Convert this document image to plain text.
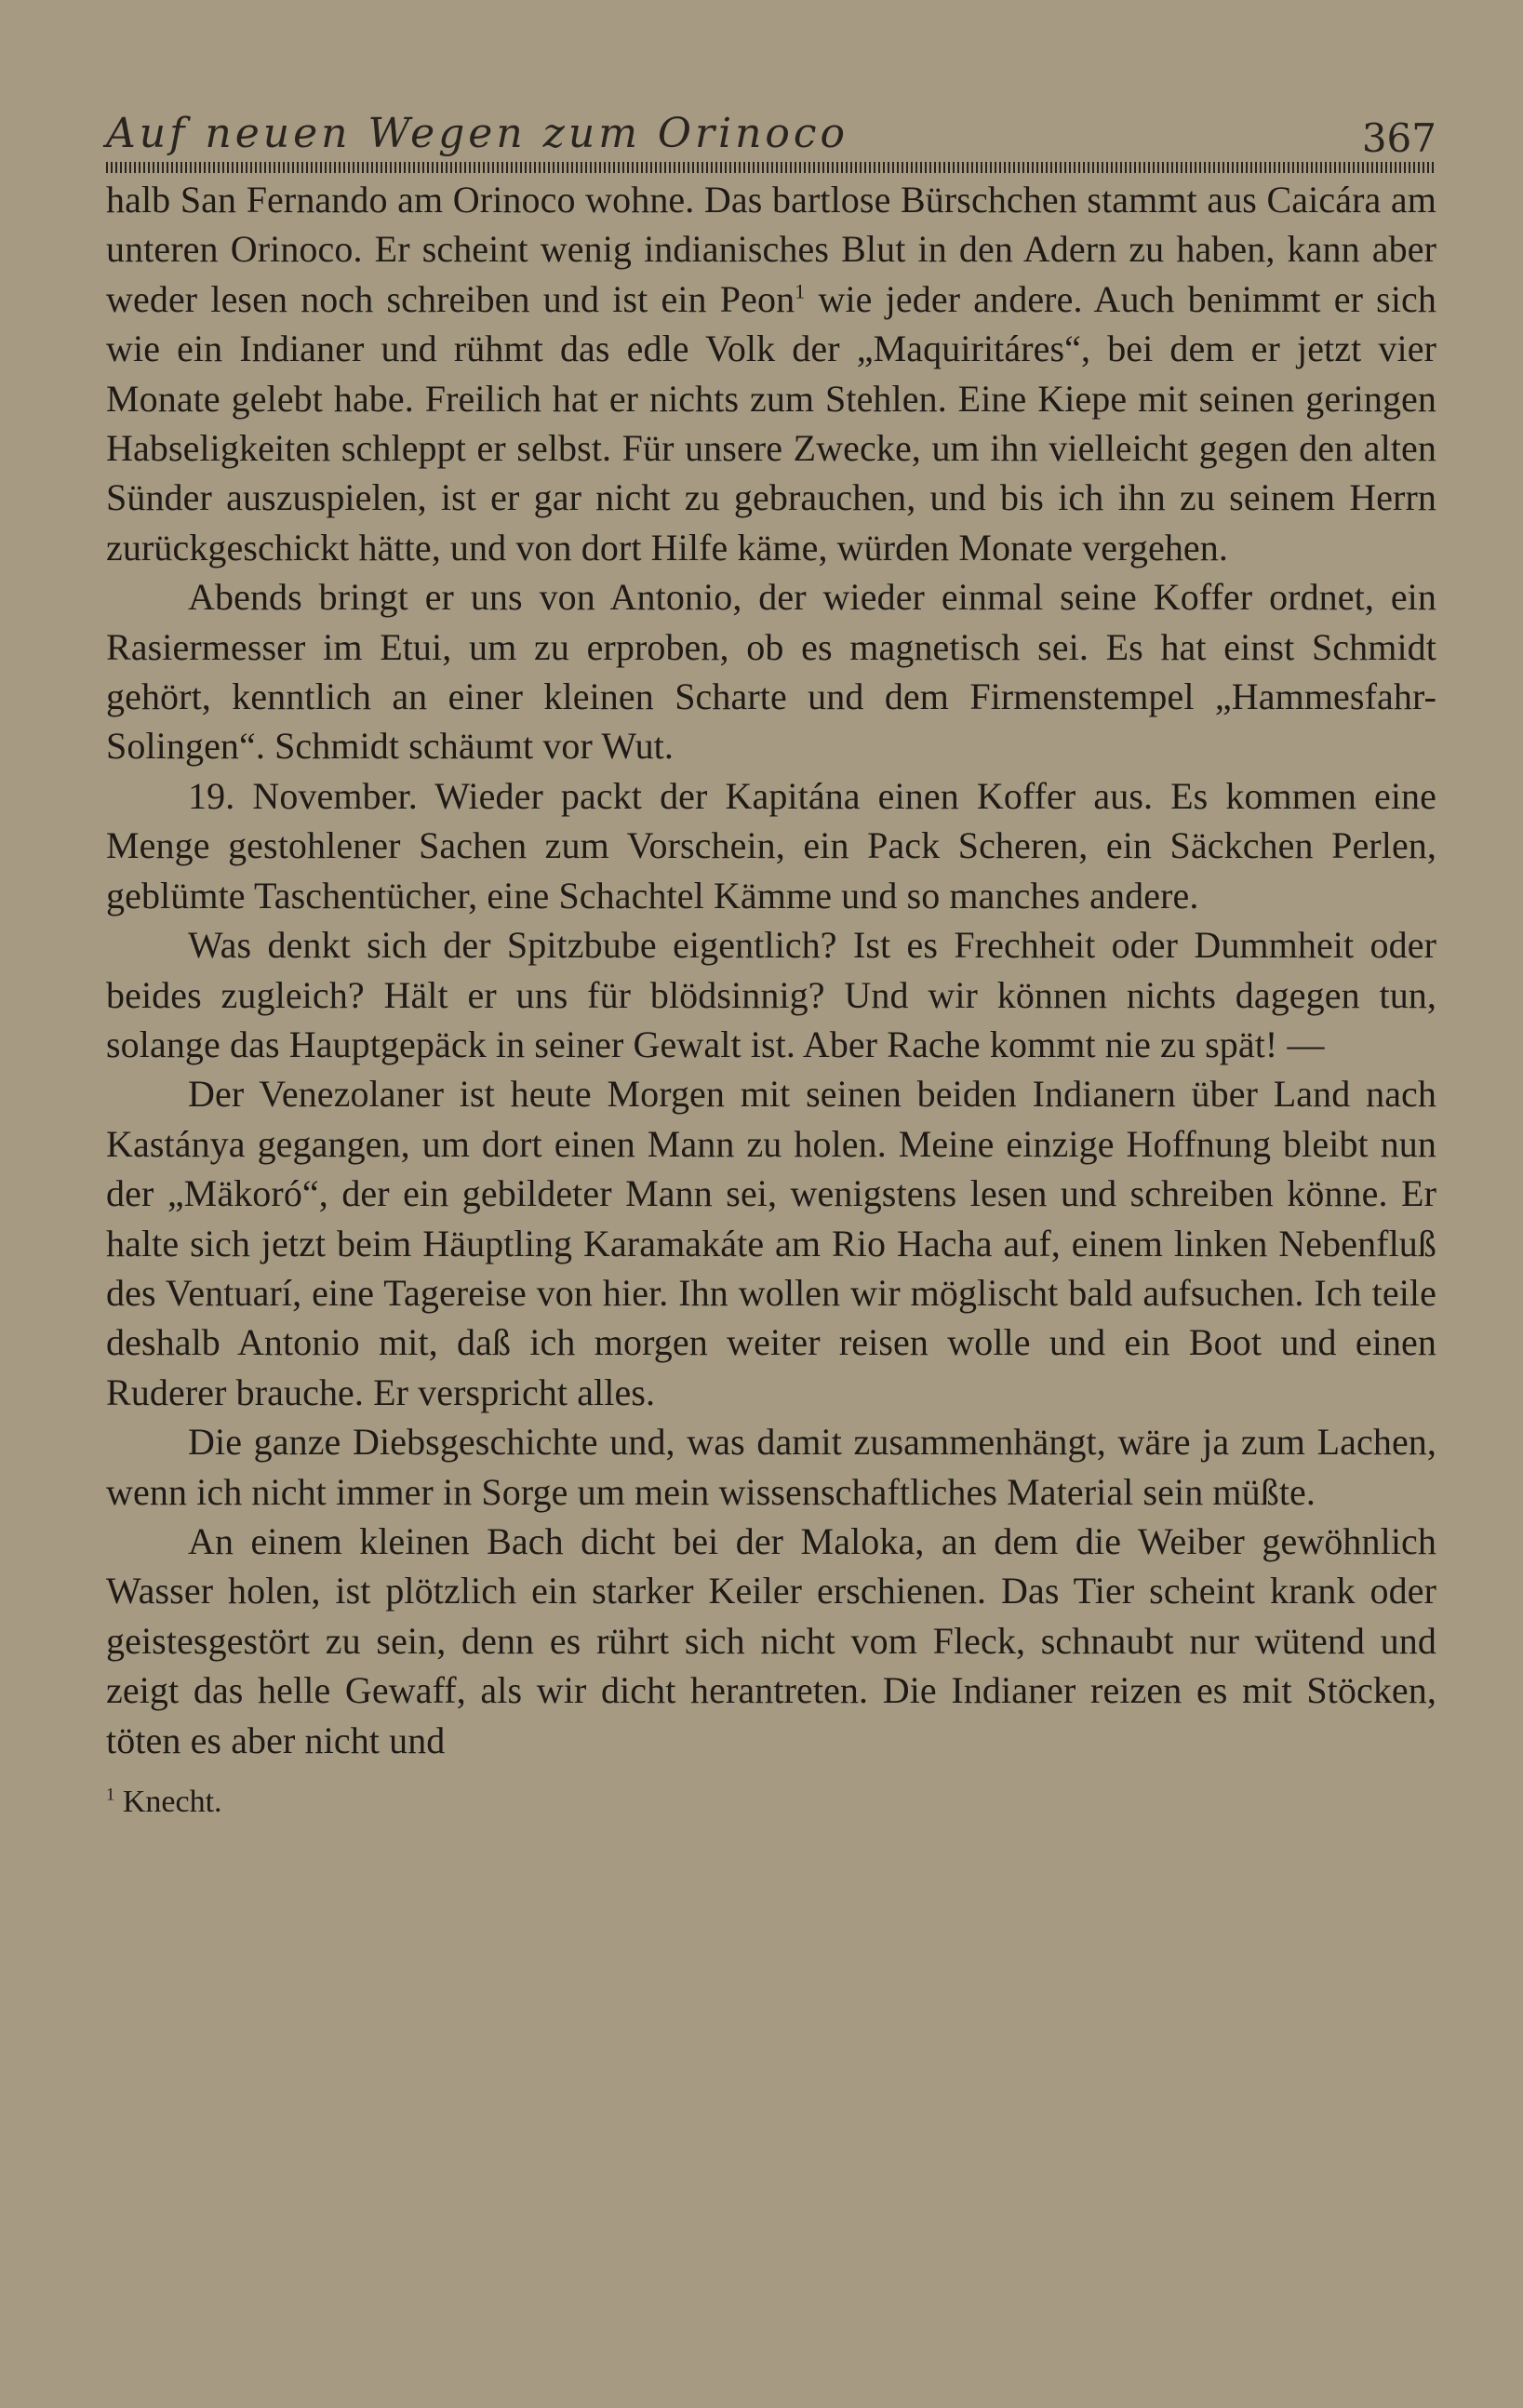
Auf neuen Wegen zum Orinoco	367

halb San Fernando am Orinoco wohne. Das bartlose Bürschchen stammt aus Caicára am unteren Orinoco. Er scheint wenig indianisches Blut in den Adern zu haben, kann aber weder lesen noch schreiben und ist ein Peon$^1$ wie jeder andere. Auch benimmt er sich wie ein Indianer und rühmt das edle Volk der „Maquiritáres“, bei dem er jetzt vier Monate gelebt habe. Freilich hat er nichts zum Stehlen. Eine Kiepe mit seinen geringen Habseligkeiten schleppt er selbst. Für unsere Zwecke, um ihn vielleicht gegen den alten Sünder auszuspielen, ist er gar nicht zu gebrauchen, und bis ich ihn zu seinem Herrn zurückgeschickt hätte, und von dort Hilfe käme, würden Monate vergehen.

Abends bringt er uns von Antonio, der wieder einmal seine Koffer ordnet, ein Rasiermesser im Etui, um zu erproben, ob es magnetisch sei. Es hat einst Schmidt gehört, kenntlich an einer kleinen Scharte und dem Firmenstempel „Hammesfahr-Solingen“. Schmidt schäumt vor Wut.

19. November. Wieder packt der Kapitána einen Koffer aus. Es kommen eine Menge gestohlener Sachen zum Vorschein, ein Pack Scheren, ein Säckchen Perlen, geblümte Taschentücher, eine Schachtel Kämme und so manches andere.

Was denkt sich der Spitzbube eigentlich? Ist es Frechheit oder Dummheit oder beides zugleich? Hält er uns für blödsinnig? Und wir können nichts dagegen tun, solange das Hauptgepäck in seiner Gewalt ist. Aber Rache kommt nie zu spät! —

Der Venezolaner ist heute Morgen mit seinen beiden Indianern über Land nach Kastánya gegangen, um dort einen Mann zu holen. Meine einzige Hoffnung bleibt nun der „Mäkoró“, der ein gebildeter Mann sei, wenigstens lesen und schreiben könne. Er halte sich jetzt beim Häuptling Karamakáte am Rio Hacha auf, einem linken Nebenfluß des Ventuarí, eine Tagereise von hier. Ihn wollen wir möglischt bald aufsuchen. Ich teile deshalb Antonio mit, daß ich morgen weiter reisen wolle und ein Boot und einen Ruderer brauche. Er verspricht alles.

Die ganze Diebsgeschichte und, was damit zusammenhängt, wäre ja zum Lachen, wenn ich nicht immer in Sorge um mein wissenschaftliches Material sein müßte.

An einem kleinen Bach dicht bei der Maloka, an dem die Weiber gewöhnlich Wasser holen, ist plötzlich ein starker Keiler erschienen. Das Tier scheint krank oder geistesgestört zu sein, denn es rührt sich nicht vom Fleck, schnaubt nur wütend und zeigt das helle Gewaff, als wir dicht herantreten. Die Indianer reizen es mit Stöcken, töten es aber nicht und

$^1$ Knecht.
